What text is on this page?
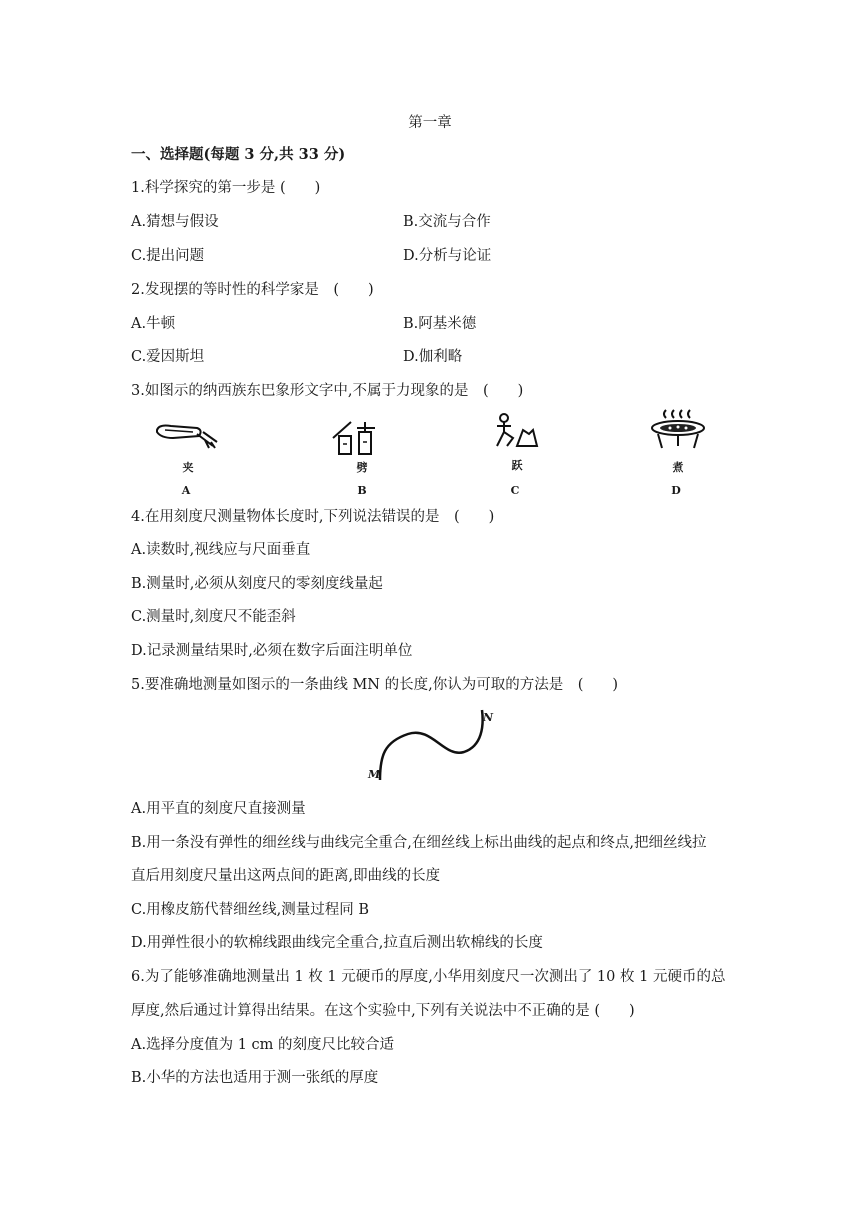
第一章
一、选择题(每题 3 分,共 33 分)
1.科学探究的第一步是 (　　)
A.猜想与假设	B.交流与合作
C.提出问题	D.分析与论证
2.发现摆的等时性的科学家是　(　　)
A.牛顿	B.阿基米德
C.爱因斯坦	D.伽利略
3.如图示的纳西族东巴象形文字中,不属于力现象的是　(　　)
夹
A
劈
B
跃
C
煮
D
4.在用刻度尺测量物体长度时,下列说法错误的是　(　　)
A.读数时,视线应与尺面垂直
B.测量时,必须从刻度尺的零刻度线量起
C.测量时,刻度尺不能歪斜
D.记录测量结果时,必须在数字后面注明单位
5.要准确地测量如图示的一条曲线 MN 的长度,你认为可取的方法是　(　　)
N
M
A.用平直的刻度尺直接测量
B.用一条没有弹性的细丝线与曲线完全重合,在细丝线上标出曲线的起点和终点,把细丝线拉
直后用刻度尺量出这两点间的距离,即曲线的长度
C.用橡皮筋代替细丝线,测量过程同 B
D.用弹性很小的软棉线跟曲线完全重合,拉直后测出软棉线的长度
6.为了能够准确地测量出 1 枚 1 元硬币的厚度,小华用刻度尺一次测出了 10 枚 1 元硬币的总
厚度,然后通过计算得出结果。在这个实验中,下列有关说法中不正确的是 (　　)
A.选择分度值为 1 cm 的刻度尺比较合适
B.小华的方法也适用于测一张纸的厚度
